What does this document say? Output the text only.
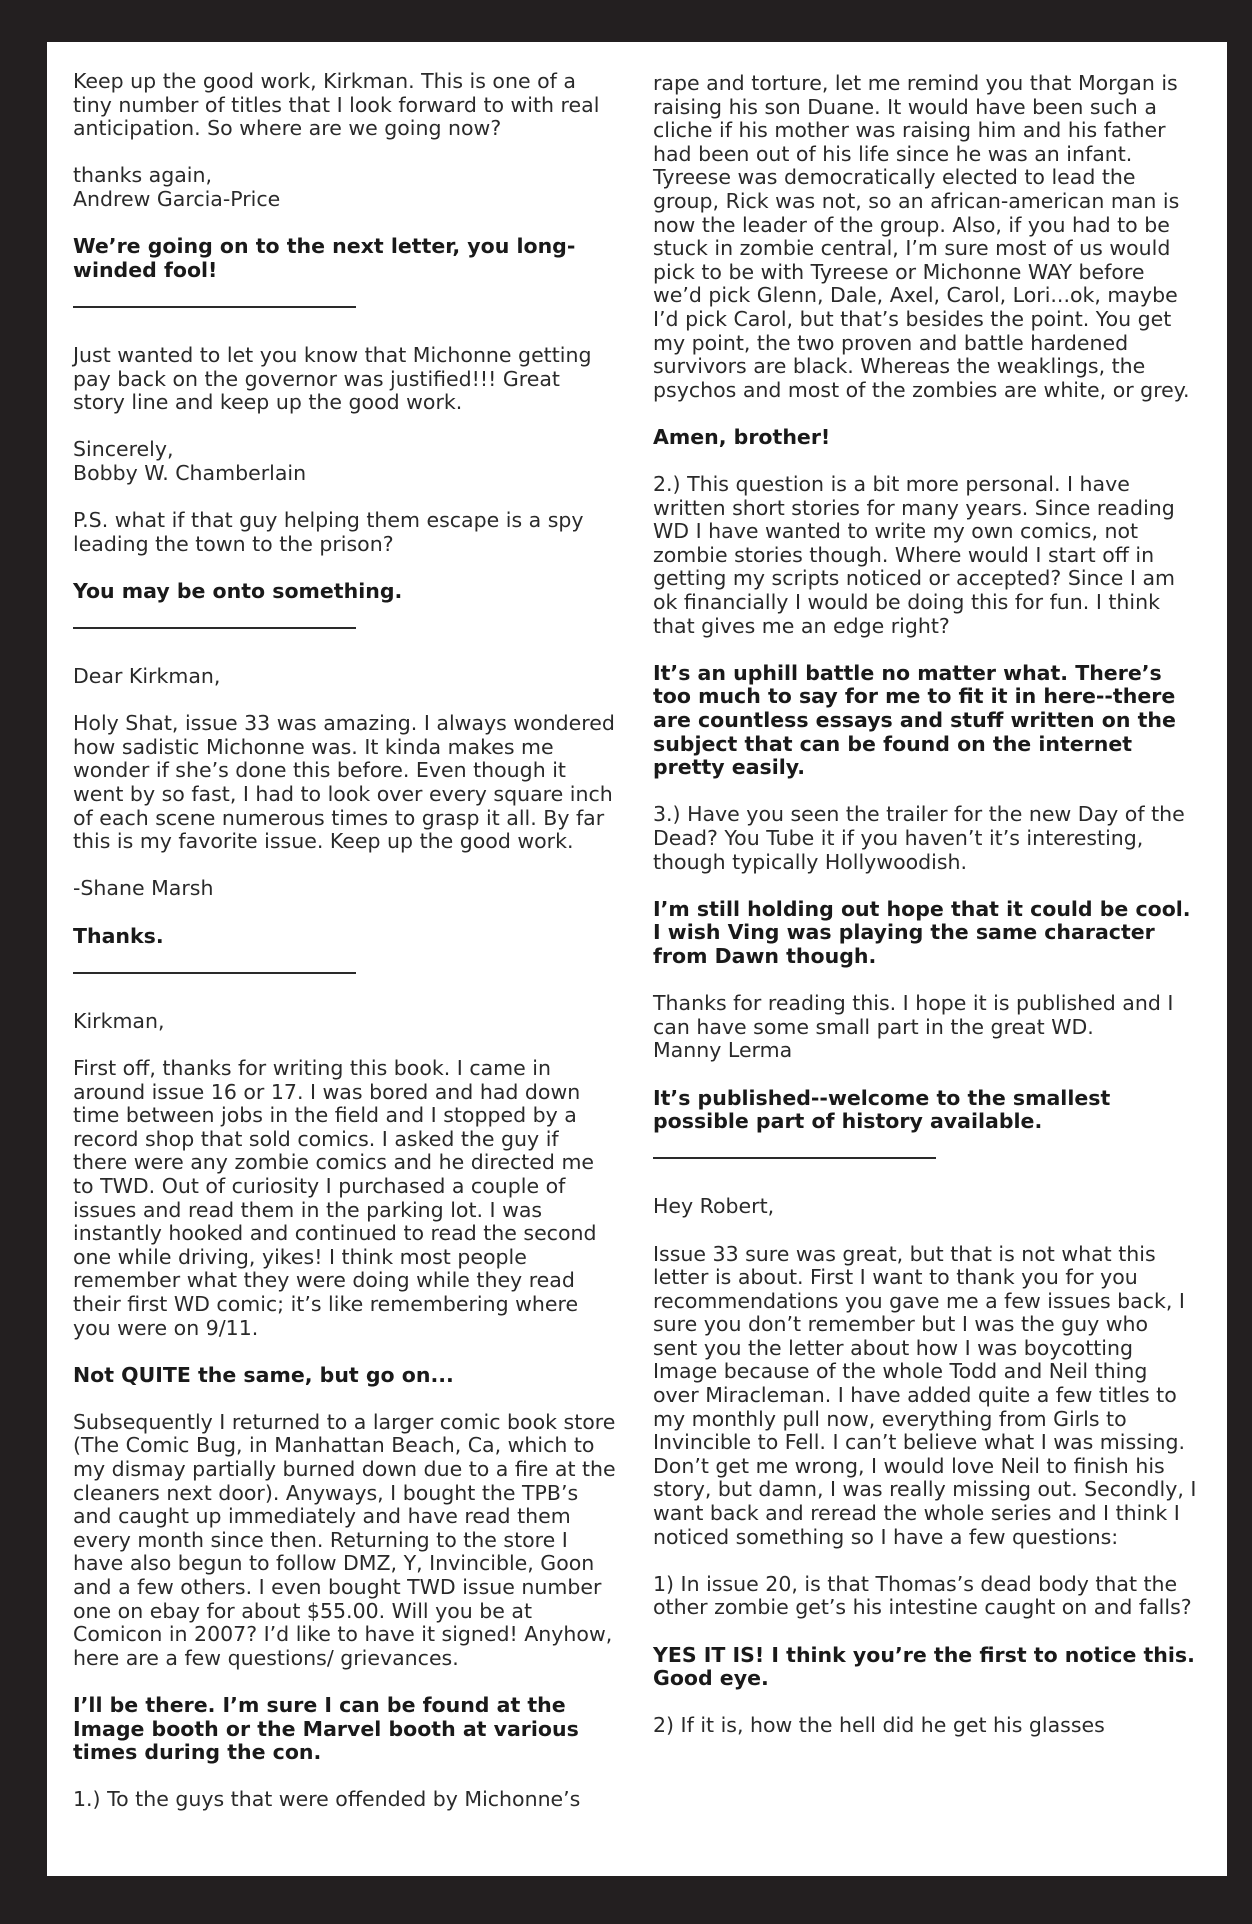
Keep up the good work, Kirkman. This is one of a tiny number of titles that I look forward to with real anticipation. So where are we going now?

thanks again,
Andrew Garcia-Price

We’re going on to the next letter, you long-winded fool!

Just wanted to let you know that Michonne getting pay back on the governor was justified!!! Great story line and keep up the good work.

Sincerely,
Bobby W. Chamberlain

P.S. what if that guy helping them escape is a spy leading the town to the prison?

You may be onto something.

Dear Kirkman,

Holy Shat, issue 33 was amazing. I always wondered how sadistic Michonne was. It kinda makes me wonder if she’s done this before. Even though it went by so fast, I had to look over every square inch of each scene numerous times to grasp it all. By far this is my favorite issue. Keep up the good work.

-Shane Marsh

Thanks.

Kirkman,

First off, thanks for writing this book. I came in around issue 16 or 17. I was bored and had down time between jobs in the field and I stopped by a record shop that sold comics. I asked the guy if there were any zombie comics and he directed me to TWD. Out of curiosity I purchased a couple of issues and read them in the parking lot. I was instantly hooked and continued to read the second one while driving, yikes! I think most people remember what they were doing while they read their first WD comic; it’s like remembering where you were on 9/11.

Not QUITE the same, but go on...

Subsequently I returned to a larger comic book store (The Comic Bug, in Manhattan Beach, Ca, which to my dismay partially burned down due to a fire at the cleaners next door). Anyways, I bought the TPB’s and caught up immediately and have read them every month since then. Returning to the store I have also begun to follow DMZ, Y, Invincible, Goon and a few others. I even bought TWD issue number one on ebay for about $55.00. Will you be at Comicon in 2007? I’d like to have it signed! Anyhow, here are a few questions/ grievances.

I’ll be there. I’m sure I can be found at the Image booth or the Marvel booth at various times during the con.

1.) To the guys that were offended by Michonne’s

rape and torture, let me remind you that Morgan is raising his son Duane. It would have been such a cliche if his mother was raising him and his father had been out of his life since he was an infant. Tyreese was democratically elected to lead the group, Rick was not, so an african-american man is now the leader of the group. Also, if you had to be stuck in zombie central, I’m sure most of us would pick to be with Tyreese or Michonne WAY before we’d pick Glenn, Dale, Axel, Carol, Lori...ok, maybe I’d pick Carol, but that’s besides the point. You get my point, the two proven and battle hardened survivors are black. Whereas the weaklings, the psychos and most of the zombies are white, or grey.

Amen, brother!

2.) This question is a bit more personal. I have written short stories for many years. Since reading WD I have wanted to write my own comics, not zombie stories though. Where would I start off in getting my scripts noticed or accepted? Since I am ok financially I would be doing this for fun. I think that gives me an edge right?

It’s an uphill battle no matter what. There’s too much to say for me to fit it in here--there are countless essays and stuff written on the subject that can be found on the internet pretty easily.

3.) Have you seen the trailer for the new Day of the Dead? You Tube it if you haven’t it’s interesting, though typically Hollywoodish.

I’m still holding out hope that it could be cool. I wish Ving was playing the same character from Dawn though.

Thanks for reading this. I hope it is published and I can have some small part in the great WD.
Manny Lerma

It’s published--welcome to the smallest possible part of history available.

Hey Robert,

Issue 33 sure was great, but that is not what this letter is about. First I want to thank you for you recommendations you gave me a few issues back, I sure you don’t remember but I was the guy who sent you the letter about how I was boycotting Image because of the whole Todd and Neil thing over Miracleman. I have added quite a few titles to my monthly pull now, everything from Girls to Invincible to Fell. I can’t believe what I was missing. Don’t get me wrong, I would love Neil to finish his story, but damn, I was really missing out. Secondly, I want back and reread the whole series and I think I noticed something so I have a few questions:

1) In issue 20, is that Thomas’s dead body that the other zombie get’s his intestine caught on and falls?

YES IT IS! I think you’re the first to notice this. Good eye.

2) If it is, how the hell did he get his glasses
